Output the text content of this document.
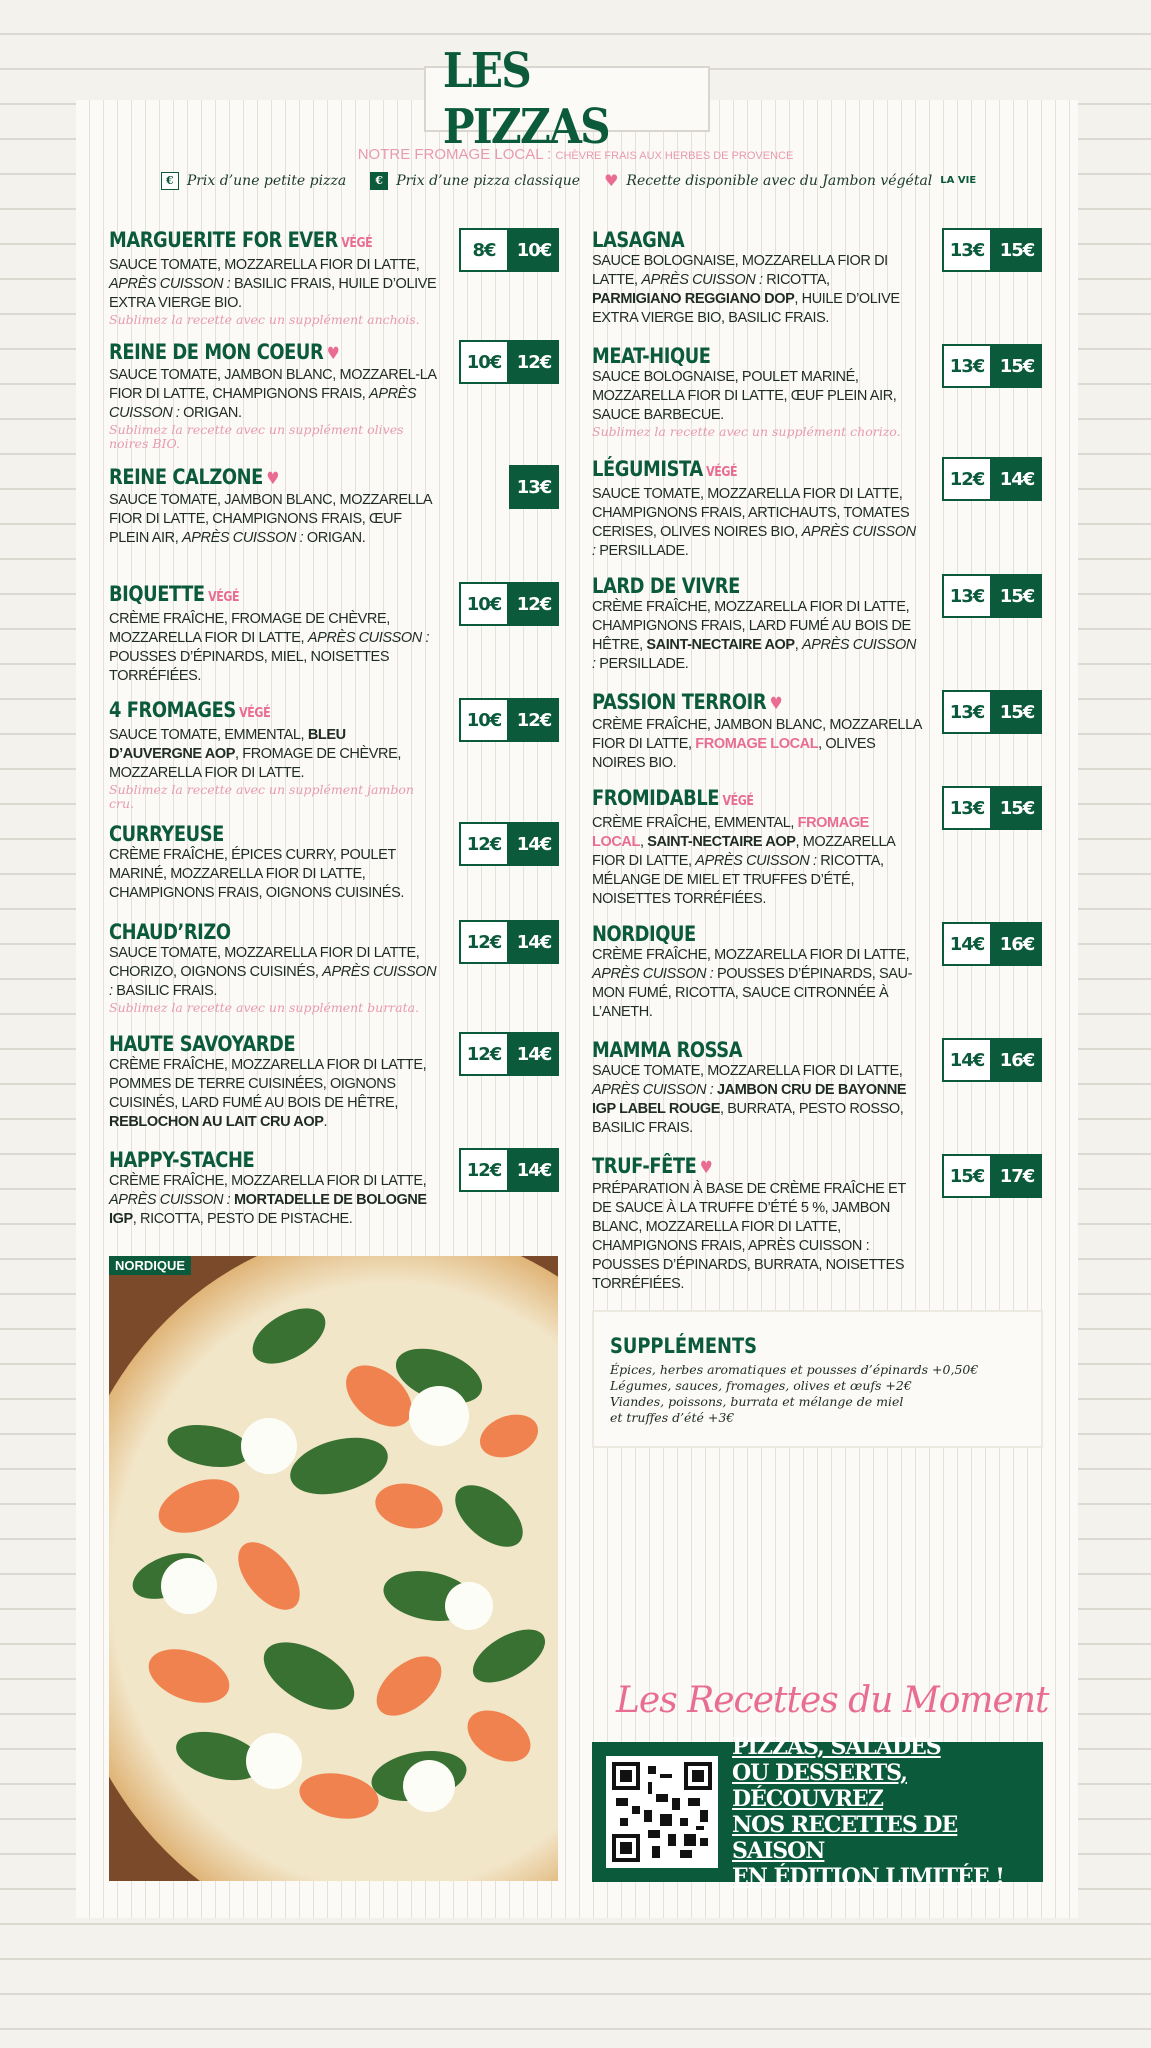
LES PIZZAS
NOTRE FROMAGE LOCAL : CHÈVRE FRAIS AUX HERBES DE PROVENCE
€ Prix d’une petite pizza	€ Prix d’une pizza classique ♥ Recette disponible avec du Jambon végétal LA VIE
MARGUERITE FOR EVER VÉGÉ
SAUCE TOMATE, MOZZARELLA FIOR DI LATTE, APRÈS CUISSON : BASILIC FRAIS, HUILE D’OLIVE EXTRA VIERGE BIO.
Sublimez la recette avec un supplément anchois.
8€	10€
REINE DE MON COEUR ♥
SAUCE TOMATE, JAMBON BLANC, MOZZAREL-LA FIOR DI LATTE, CHAMPIGNONS FRAIS, APRÈS CUISSON : ORIGAN.
Sublimez la recette avec un supplément olives noires BIO.
10€ 12€
REINE CALZONE ♥
SAUCE TOMATE, JAMBON BLANC, MOZZARELLA FIOR DI LATTE, CHAMPIGNONS FRAIS, ŒUF PLEIN AIR, APRÈS CUISSON : ORIGAN.
13€
BIQUETTE VÉGÉ
CRÈME FRAÎCHE, FROMAGE DE CHÈVRE, MOZZARELLA FIOR DI LATTE, APRÈS CUISSON : POUSSES D’ÉPINARDS, MIEL, NOISETTES TORRÉFIÉES.
10€ 12€
4 FROMAGES VÉGÉ
SAUCE TOMATE, EMMENTAL, BLEU D’AUVERGNE AOP, FROMAGE DE CHÈVRE, MOZZARELLA FIOR DI LATTE.
Sublimez la recette avec un supplément jambon cru.
10€ 12€
CURRYEUSE
CRÈME FRAÎCHE, ÉPICES CURRY, POULET MARINÉ, MOZZARELLA FIOR DI LATTE, CHAMPIGNONS FRAIS, OIGNONS CUISINÉS.
12€ 14€
CHAUD’RIZO
SAUCE TOMATE, MOZZARELLA FIOR DI LATTE, CHORIZO, OIGNONS CUISINÉS, APRÈS CUISSON : BASILIC FRAIS.
Sublimez la recette avec un supplément burrata.
12€ 14€
HAUTE SAVOYARDE
CRÈME FRAÎCHE, MOZZARELLA FIOR DI LATTE, POMMES DE TERRE CUISINÉES, OIGNONS CUISINÉS, LARD FUMÉ AU BOIS DE HÊTRE, REBLOCHON AU LAIT CRU AOP.
12€ 14€
HAPPY-STACHE
CRÈME FRAÎCHE, MOZZARELLA FIOR DI LATTE, APRÈS CUISSON : MORTADELLE DE BOLOGNE IGP, RICOTTA, PESTO DE PISTACHE.
12€ 14€
LASAGNA
SAUCE BOLOGNAISE, MOZZARELLA FIOR DI LATTE, APRÈS CUISSON : RICOTTA, PARMIGIANO REGGIANO DOP, HUILE D’OLIVE EXTRA VIERGE BIO, BASILIC FRAIS.
13€ 15€
MEAT-HIQUE
SAUCE BOLOGNAISE, POULET MARINÉ, MOZZARELLA FIOR DI LATTE, ŒUF PLEIN AIR, SAUCE BARBECUE.
Sublimez la recette avec un supplément chorizo.
13€ 15€
LÉGUMISTA VÉGÉ
SAUCE TOMATE, MOZZARELLA FIOR DI LATTE, CHAMPIGNONS FRAIS, ARTICHAUTS, TOMATES CERISES, OLIVES NOIRES BIO, APRÈS CUISSON : PERSILLADE.
12€ 14€
LARD DE VIVRE
CRÈME FRAÎCHE, MOZZARELLA FIOR DI LATTE, CHAMPIGNONS FRAIS, LARD FUMÉ AU BOIS DE HÊTRE, SAINT-NECTAIRE AOP, APRÈS CUISSON : PERSILLADE.
13€ 15€
PASSION TERROIR ♥
CRÈME FRAÎCHE, JAMBON BLANC, MOZZARELLA FIOR DI LATTE, FROMAGE LOCAL, OLIVES NOIRES BIO.
13€ 15€
FROMIDABLE VÉGÉ
CRÈME FRAÎCHE, EMMENTAL, FROMAGE LOCAL, SAINT-NECTAIRE AOP, MOZZARELLA FIOR DI LATTE, APRÈS CUISSON : RICOTTA, MÉLANGE DE MIEL ET TRUFFES D’ÉTÉ, NOISETTES TORRÉFIÉES.
13€ 15€
NORDIQUE
CRÈME FRAÎCHE, MOZZARELLA FIOR DI LATTE, APRÈS CUISSON : POUSSES D’ÉPINARDS, SAU-MON FUMÉ, RICOTTA, SAUCE CITRONNÉE À L’ANETH.
14€ 16€
MAMMA ROSSA
SAUCE TOMATE, MOZZARELLA FIOR DI LATTE, APRÈS CUISSON : JAMBON CRU DE BAYONNE IGP LABEL ROUGE, BURRATA, PESTO ROSSO, BASILIC FRAIS.
14€ 16€
TRUF-FÊTE ♥
PRÉPARATION À BASE DE CRÈME FRAÎCHE ET DE SAUCE À LA TRUFFE D’ÉTÉ 5 %, JAMBON BLANC, MOZZARELLA FIOR DI LATTE, CHAMPIGNONS FRAIS, APRÈS CUISSON : POUSSES D’ÉPINARDS, BURRATA, NOISETTES TORRÉFIÉES.
15€ 17€
NORDIQUE
SUPPLÉMENTS

Épices, herbes aromatiques et pousses d’épinards +0,50€

Légumes, sauces, fromages, olives et œufs +2€

Viandes, poissons, burrata et mélange de miel

et truffes d’été +3€

Les Recettes du Moment
PIZZAS, SALADES
OU DESSERTS, DÉCOUVREZ
NOS RECETTES DE SAISON
EN ÉDITION LIMITÉE !
